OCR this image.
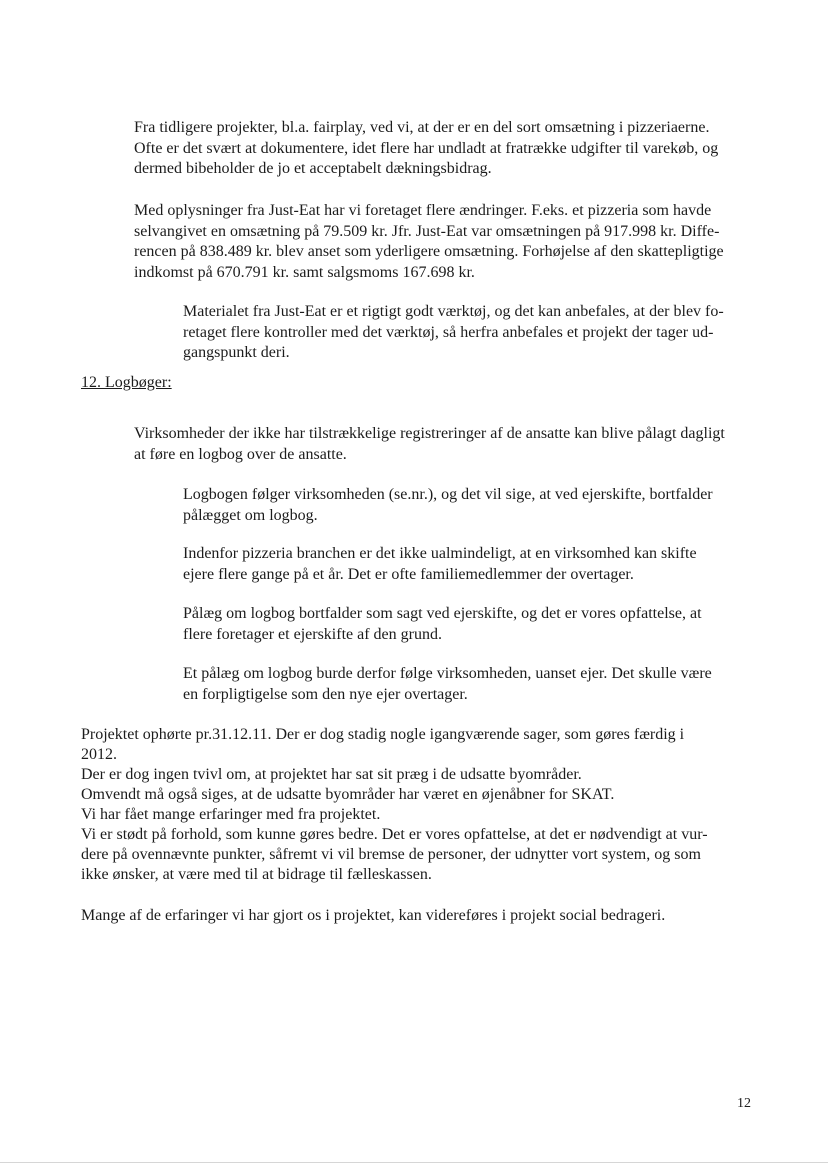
Fra tidligere projekter, bl.a. fairplay, ved vi, at der er en del sort omsætning i pizzeriaerne.
Ofte er det svært at dokumentere, idet flere har undladt at fratrække udgifter til varekøb, og
dermed bibeholder de jo et acceptabelt dækningsbidrag.

Med oplysninger fra Just-Eat har vi foretaget flere ændringer. F.eks. et pizzeria som havde
selvangivet en omsætning på 79.509 kr. Jfr. Just-Eat var omsætningen på 917.998 kr. Diffe-
rencen på 838.489 kr. blev anset som yderligere omsætning. Forhøjelse af den skattepligtige
indkomst på 670.791 kr. samt salgsmoms 167.698 kr.

Materialet fra Just-Eat er et rigtigt godt værktøj, og det kan anbefales, at der blev fo-
retaget flere kontroller med det værktøj, så herfra anbefales et projekt der tager ud-
gangspunkt deri.

12. Logbøger:

Virksomheder der ikke har tilstrækkelige registreringer af de ansatte kan blive pålagt dagligt
at føre en logbog over de ansatte.

Logbogen følger virksomheden (se.nr.), og det vil sige, at ved ejerskifte, bortfalder
pålægget om logbog.

Indenfor pizzeria branchen er det ikke ualmindeligt, at en virksomhed kan skifte
ejere flere gange på et år. Det er ofte familiemedlemmer der overtager.

Pålæg om logbog bortfalder som sagt ved ejerskifte, og det er vores opfattelse, at
flere foretager et ejerskifte af den grund.

Et pålæg om logbog burde derfor følge virksomheden, uanset ejer. Det skulle være
en forpligtigelse som den nye ejer overtager.

Projektet ophørte pr.31.12.11. Der er dog stadig nogle igangværende sager, som gøres færdig i
2012.
Der er dog ingen tvivl om, at projektet har sat sit præg i de udsatte byområder.
Omvendt må også siges, at de udsatte byområder har været en øjenåbner for SKAT.
Vi har fået mange erfaringer med fra projektet.
Vi er stødt på forhold, som kunne gøres bedre. Det er vores opfattelse, at det er nødvendigt at vur-
dere på ovennævnte punkter, såfremt vi vil bremse de personer, der udnytter vort system, og som
ikke ønsker, at være med til at bidrage til fælleskassen.

Mange af de erfaringer vi har gjort os i projektet, kan videreføres i projekt social bedrageri.

12
